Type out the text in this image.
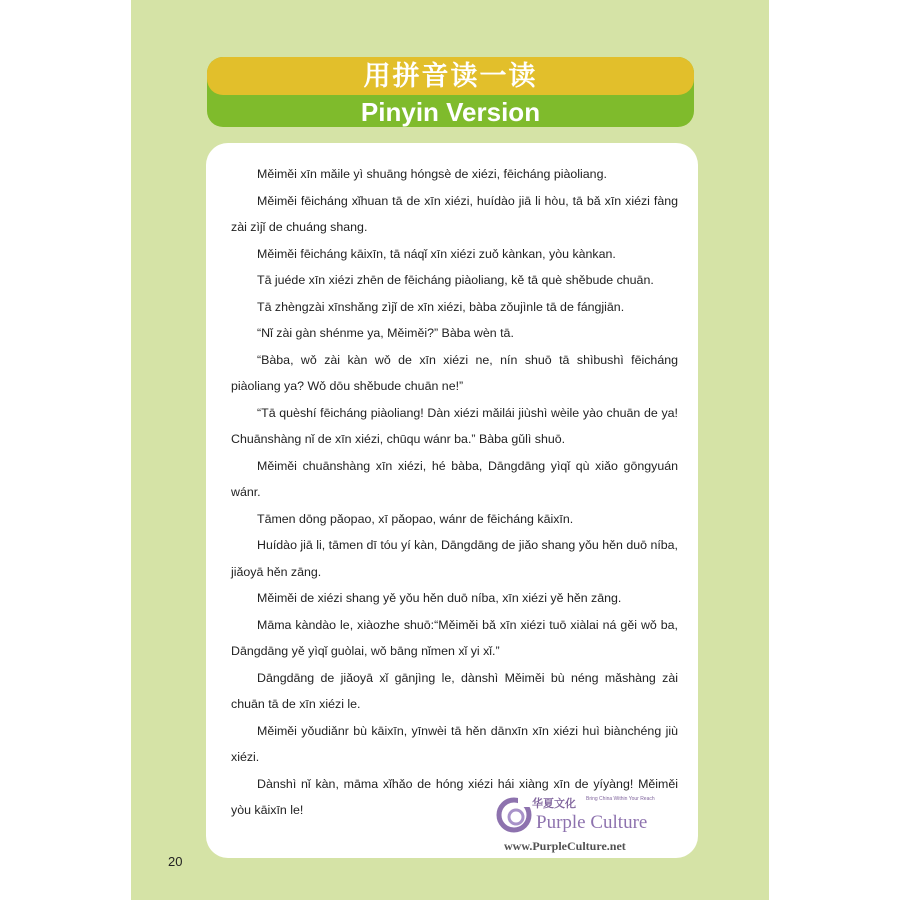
用拼音读一读
Pinyin Version

Měiměi xīn mǎile yì shuāng hóngsè de xiézi, fēicháng piàoliang.

Měiměi fēicháng xǐhuan tā de xīn xiézi, huídào jiā li hòu, tā bǎ xīn xiézi fàng zài zìjǐ de chuáng shang.

Měiměi fēicháng kāixīn, tā náqǐ xīn xiézi zuǒ kànkan, yòu kànkan.

Tā juéde xīn xiézi zhēn de fēicháng piàoliang, kě tā què shěbude chuān.

Tā zhèngzài xīnshǎng zìjǐ de xīn xiézi, bàba zǒujìnle tā de fángjiān.

“Nǐ zài gàn shénme ya, Měiměi?” Bàba wèn tā.

“Bàba, wǒ zài kàn wǒ de xīn xiézi ne, nín shuō tā shìbushì fēicháng piàoliang ya? Wǒ dōu shěbude chuān ne!”

“Tā quèshí fēicháng piàoliang! Dàn xiézi mǎilái jiùshì wèile yào chuān de ya! Chuānshàng nǐ de xīn xiézi, chūqu wánr ba.” Bàba gǔlì shuō.

Měiměi chuānshàng xīn xiézi, hé bàba, Dāngdāng yìqǐ qù xiǎo gōngyuán wánr.

Tāmen dōng pǎopao, xī pǎopao, wánr de fēicháng kāixīn.

Huídào jiā li, tāmen dī tóu yí kàn, Dāngdāng de jiǎo shang yǒu hěn duō níba, jiǎoyā hěn zāng.

Měiměi de xiézi shang yě yǒu hěn duō níba, xīn xiézi yě hěn zāng.

Māma kàndào le, xiàozhe shuō:“Měiměi bǎ xīn xiézi tuō xiàlai ná gěi wǒ ba, Dāngdāng yě yìqǐ guòlai, wǒ bāng nǐmen xǐ yi xǐ.”

Dāngdāng de jiǎoyā xǐ gānjìng le, dànshì Měiměi bù néng mǎshàng zài chuān tā de xīn xiézi le.

Měiměi yǒudiǎnr bù kāixīn, yīnwèi tā hěn dānxīn xīn xiézi huì biànchéng jiù xiézi.

Dànshì nǐ kàn, māma xǐhǎo de hóng xiézi hái xiàng xīn de yíyàng! Měiměi yòu kāixīn le!

20
华夏文化 Bring China Within Your Reach
Purple Culture
www.PurpleCulture.net
